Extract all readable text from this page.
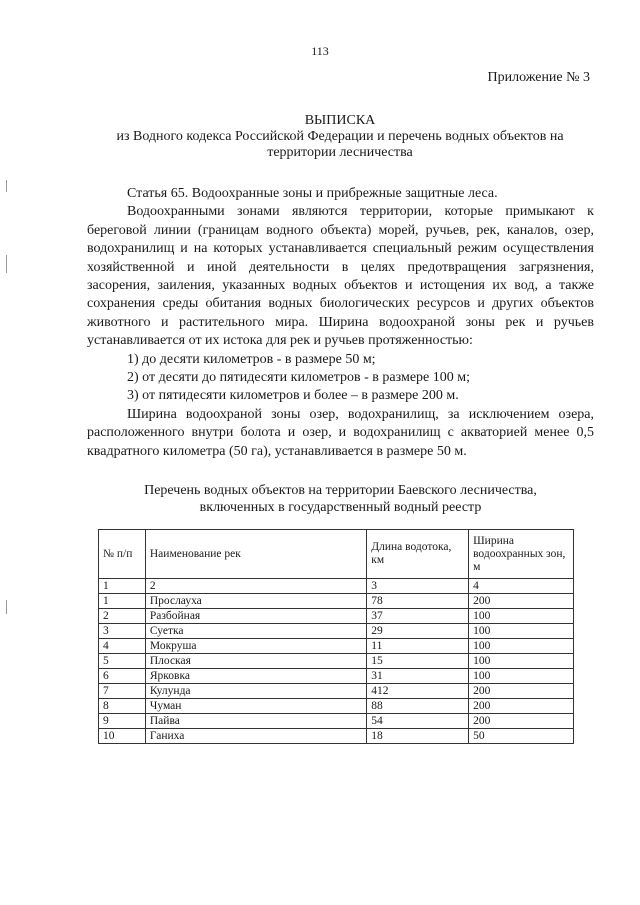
113
Приложение № 3
ВЫПИСКА
из Водного кодекса Российской Федерации и перечень водных объектов на
территории лесничества

Статья 65. Водоохранные зоны и прибрежные защитные леса.

Водоохранными зонами являются территории, которые примыкают к береговой линии (границам водного объекта) морей, ручьев, рек, каналов, озер, водохранилищ и на которых устанавливается специальный режим осуществления хозяйственной и иной деятельности в целях предотвращения загрязнения, засорения, заиления, указанных водных объектов и истощения их вод, а также сохранения среды обитания водных биологических ресурсов и других объектов животного и растительного мира. Ширина водоохраной зоны рек и ручьев устанавливается от их истока для рек и ручьев протяженностью:

1) до десяти километров - в размере 50 м;

2) от десяти до пятидесяти километров - в размере 100 м;

3) от пятидесяти километров и более – в размере 200 м.

Ширина водоохраной зоны озер, водохранилищ, за исключением озера, расположенного внутри болота и озер, и водохранилищ с акваторией менее 0,5 квадратного километра (50 га), устанавливается в размере 50 м.

Перечень водных объектов на территории Баевского лесничества,
включенных в государственный водный реестр
№ п/п	Наименование рек	Длина водотока, км	Ширина водоохранных зон, м
1	2	3	4
1	Прослауха	78	200
2	Разбойная	37	100
3	Суетка	29	100
4	Мокруша	11	100
5	Плоская	15	100
6	Ярковка	31	100
7	Кулунда	412	200
8	Чуман	88	200
9	Пайва	54	200
10	Ганиха	18	50
